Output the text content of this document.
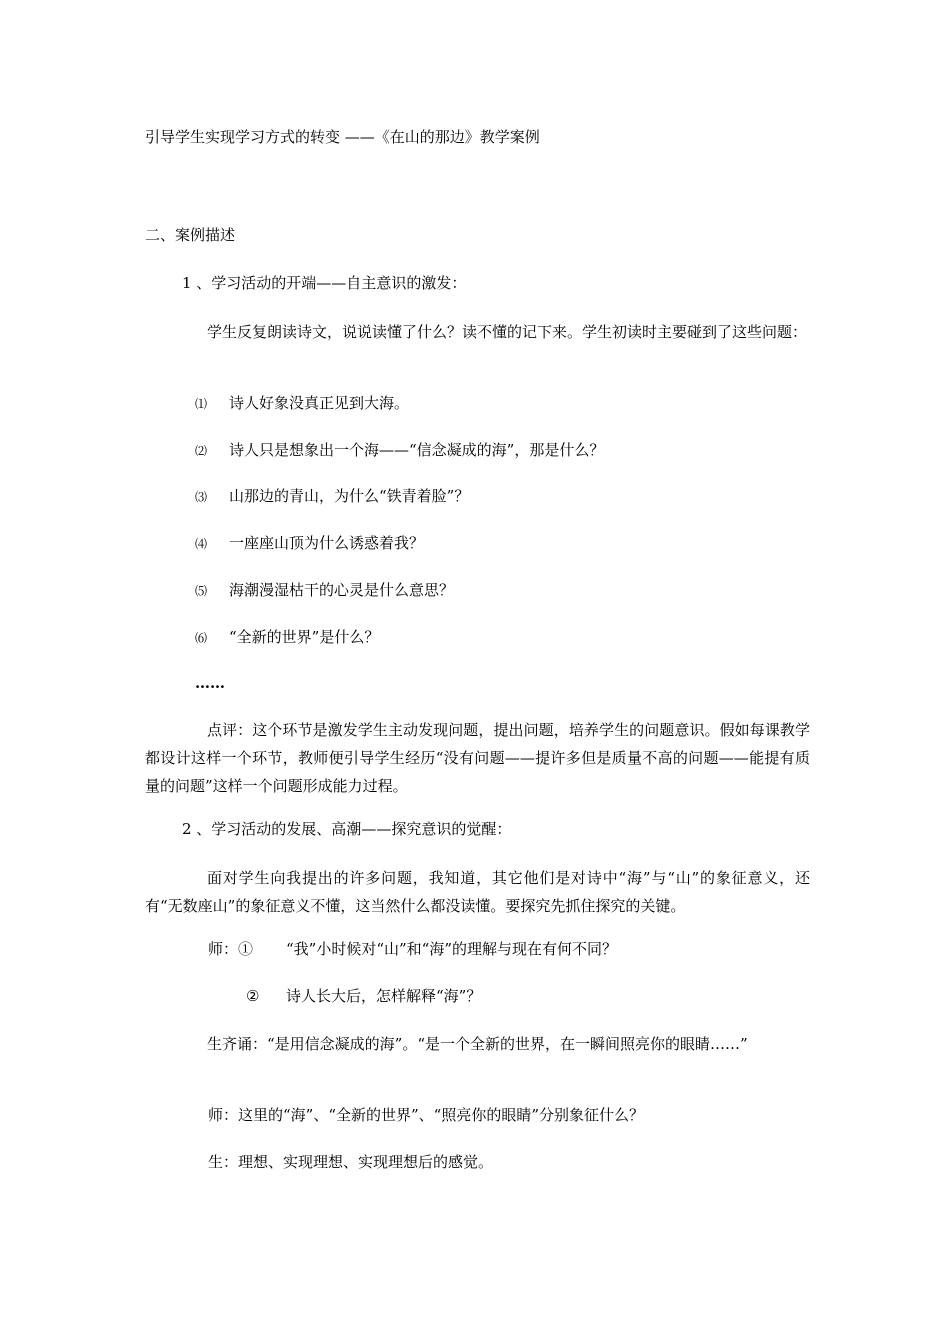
引导学生实现学习方式的转变 ——《在山的那边》教学案例
二、案例描述
1 、学习活动的开端——自主意识的激发：
学生反复朗读诗文，说说读懂了什么？读不懂的记下来。学生初读时主要碰到了这些问题：
⑴ 诗人好象没真正见到大海。
⑵ 诗人只是想象出一个海——“信念凝成的海”，那是什么？
⑶ 山那边的青山，为什么“铁青着脸”？
⑷ 一座座山顶为什么诱惑着我？
⑸ 海潮漫湿枯干的心灵是什么意思？
⑹ “全新的世界”是什么？
……
点评：这个环节是激发学生主动发现问题，提出问题，培养学生的问题意识。假如每课教学都设计这样一个环节，教师便引导学生经历“没有问题——提许多但是质量不高的问题——能提有质量的问题”这样一个问题形成能力过程。
2 、学习活动的发展、高潮——探究意识的觉醒：
面对学生向我提出的许多问题，我知道，其它他们是对诗中“海”与“山”的象征意义，还有“无数座山”的象征意义不懂，这当然什么都没读懂。要探究先抓住探究的关键。
师：① “我”小时候对“山”和“海”的理解与现在有何不同？
② 诗人长大后，怎样解释“海”？
生齐诵：“是用信念凝成的海”。“是一个全新的世界，在一瞬间照亮你的眼睛……”
师：这里的“海”、“全新的世界”、“照亮你的眼睛”分别象征什么？
生：理想、实现理想、实现理想后的感觉。
